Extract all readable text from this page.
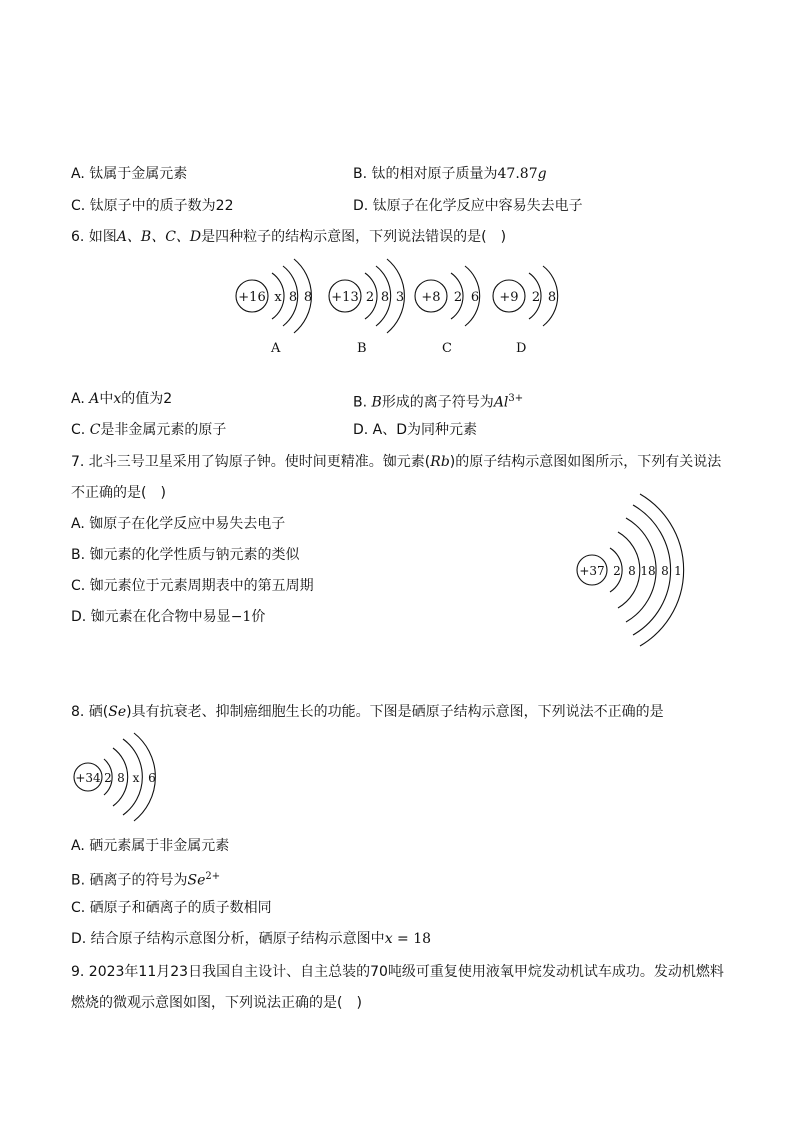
A. 钛属于金属元素	B. 钛的相对原子质量为47.87g
C. 钛原子中的质子数为22	D. 钛原子在化学反应中容易失去电子
6. 如图A、B、C、D是四种粒子的结构示意图，下列说法错误的是(　)
+16 x 8 8 +13 2 8 3 +8 2 6 +9 2 8
A	B	C	D
A. A中x的值为2	B. B形成的离子符号为$Al^{3+}$
C. C是非金属元素的原子	D. A、D为同种元素
7. 北斗三号卫星采用了钩原子钟。使时间更精准。铷元素(Rb)的原子结构示意图如图所示，下列有关说法
不正确的是(　)
A. 铷原子在化学反应中易失去电子
B. 铷元素的化学性质与钠元素的类似
C. 铷元素位于元素周期表中的第五周期
D. 铷元素在化合物中易显−1价
+37 2 8 18 8 1
8. 硒(Se)具有抗衰老、抑制癌细胞生长的功能。下图是硒原子结构示意图，下列说法不正确的是
+34 2 8 x 6
A. 硒元素属于非金属元素
B. 硒离子的符号为$Se^{2+}$
C. 硒原子和硒离子的质子数相同
D. 结合原子结构示意图分析，硒原子结构示意图中x = 18
9. 2023年11月23日我国自主设计、自主总装的70吨级可重复使用液氧甲烷发动机试车成功。发动机燃料
燃烧的微观示意图如图，下列说法正确的是(　)
